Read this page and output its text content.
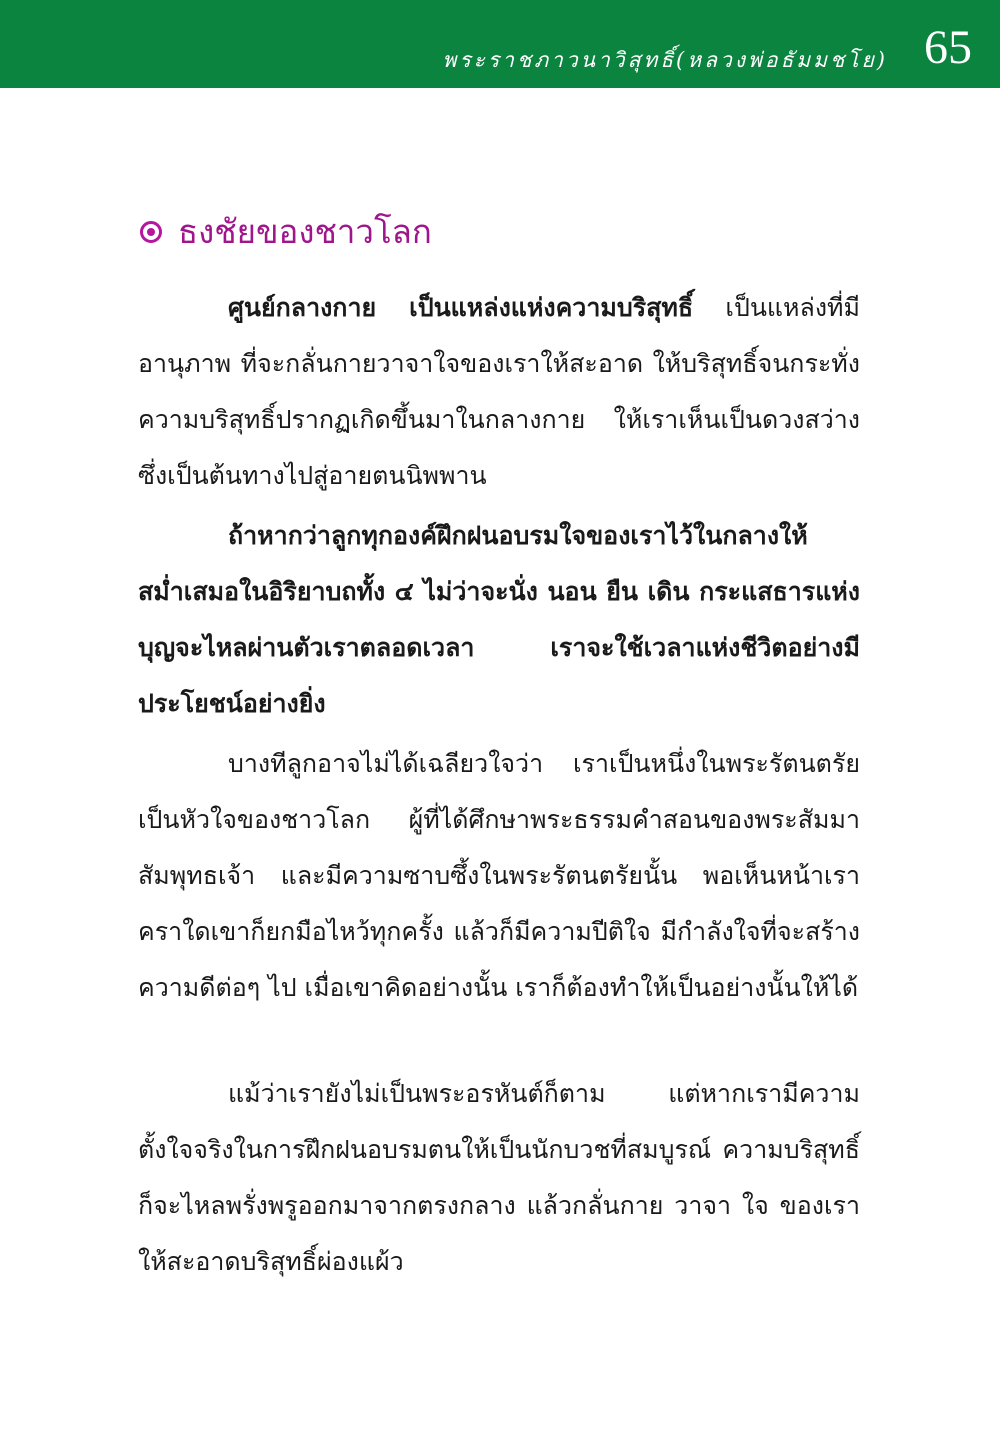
พระราชภาวนาวิสุทธิ์(หลวงพ่อธัมมชโย) 65
ธงชัยของชาวโลก

ศูนย์กลางกาย เป็นแหล่งแห่งความบริสุทธิ์ เป็นแหล่งที่มีอานุภาพ ที่จะกลั่นกายวาจาใจของเราให้สะอาด ให้บริสุทธิ์จนกระทั่งความบริสุทธิ์ปรากฏเกิดขึ้นมาในกลางกาย ให้เราเห็นเป็นดวงสว่าง ซึ่งเป็นต้นทางไปสู่อายตนนิพพาน

ถ้าหากว่าลูกทุกองค์ฝึกฝนอบรมใจของเราไว้ในกลางให้สม่ำเสมอในอิริยาบถทั้ง ๔ ไม่ว่าจะนั่ง นอน ยืน เดิน กระแสธารแห่งบุญจะไหลผ่านตัวเราตลอดเวลา เราจะใช้เวลาแห่งชีวิตอย่างมีประโยชน์อย่างยิ่ง

บางทีลูกอาจไม่ได้เฉลียวใจว่า เราเป็นหนึ่งในพระรัตนตรัย เป็นหัวใจของชาวโลก ผู้ที่ได้ศึกษาพระธรรมคำสอนของพระสัมมาสัมพุทธเจ้า และมีความซาบซึ้งในพระรัตนตรัยนั้น พอเห็นหน้าเราคราใดเขาก็ยกมือไหว้ทุกครั้ง แล้วก็มีความปีติใจ มีกำลังใจที่จะสร้างความดีต่อๆ ไป เมื่อเขาคิดอย่างนั้น เราก็ต้องทำให้เป็นอย่างนั้นให้ได้

แม้ว่าเรายังไม่เป็นพระอรหันต์ก็ตาม แต่หากเรามีความตั้งใจจริงในการฝึกฝนอบรมตนให้เป็นนักบวชที่สมบูรณ์ ความบริสุทธิ์ก็จะไหลพรั่งพรูออกมาจากตรงกลาง แล้วกลั่นกาย วาจา ใจ ของเราให้สะอาดบริสุทธิ์ผ่องแผ้ว
